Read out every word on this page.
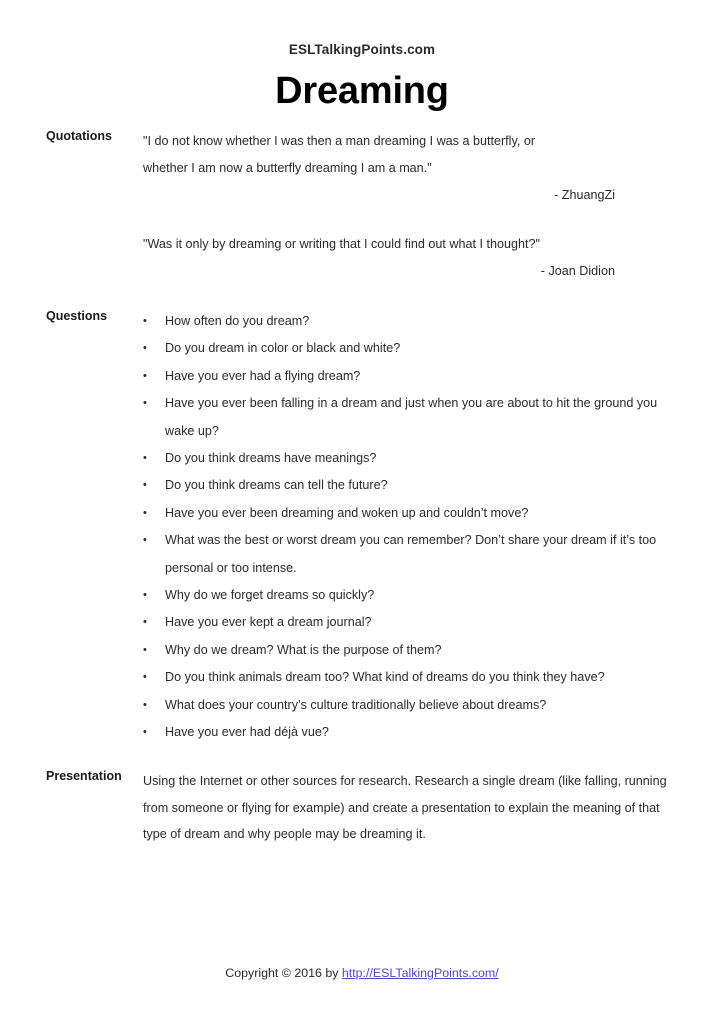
ESLTalkingPoints.com
Dreaming
Quotations	"I do not know whether I was then a man dreaming I was a butterfly, or
whether I am now a butterfly dreaming I am a man."
- ZhuangZi
"Was it only by dreaming or writing that I could find out what I thought?"
- Joan Didion
Questions	• How often do you dream?
• Do you dream in color or black and white?
• Have you ever had a flying dream?
• Have you ever been falling in a dream and just when you are about to hit the ground you wake up?
• Do you think dreams have meanings?
• Do you think dreams can tell the future?
• Have you ever been dreaming and woken up and couldn’t move?
• What was the best or worst dream you can remember? Don’t share your dream if it’s too personal or too intense.
• Why do we forget dreams so quickly?
• Have you ever kept a dream journal?
• Why do we dream? What is the purpose of them?
• Do you think animals dream too? What kind of dreams do you think they have?
• What does your country’s culture traditionally believe about dreams?
• Have you ever had déjà vue?
Presentation	Using the Internet or other sources for research. Research a single dream (like falling, running from someone or flying for example) and create a presentation to explain the meaning of that type of dream and why people may be dreaming it.
Copyright © 2016 by http://ESLTalkingPoints.com/
